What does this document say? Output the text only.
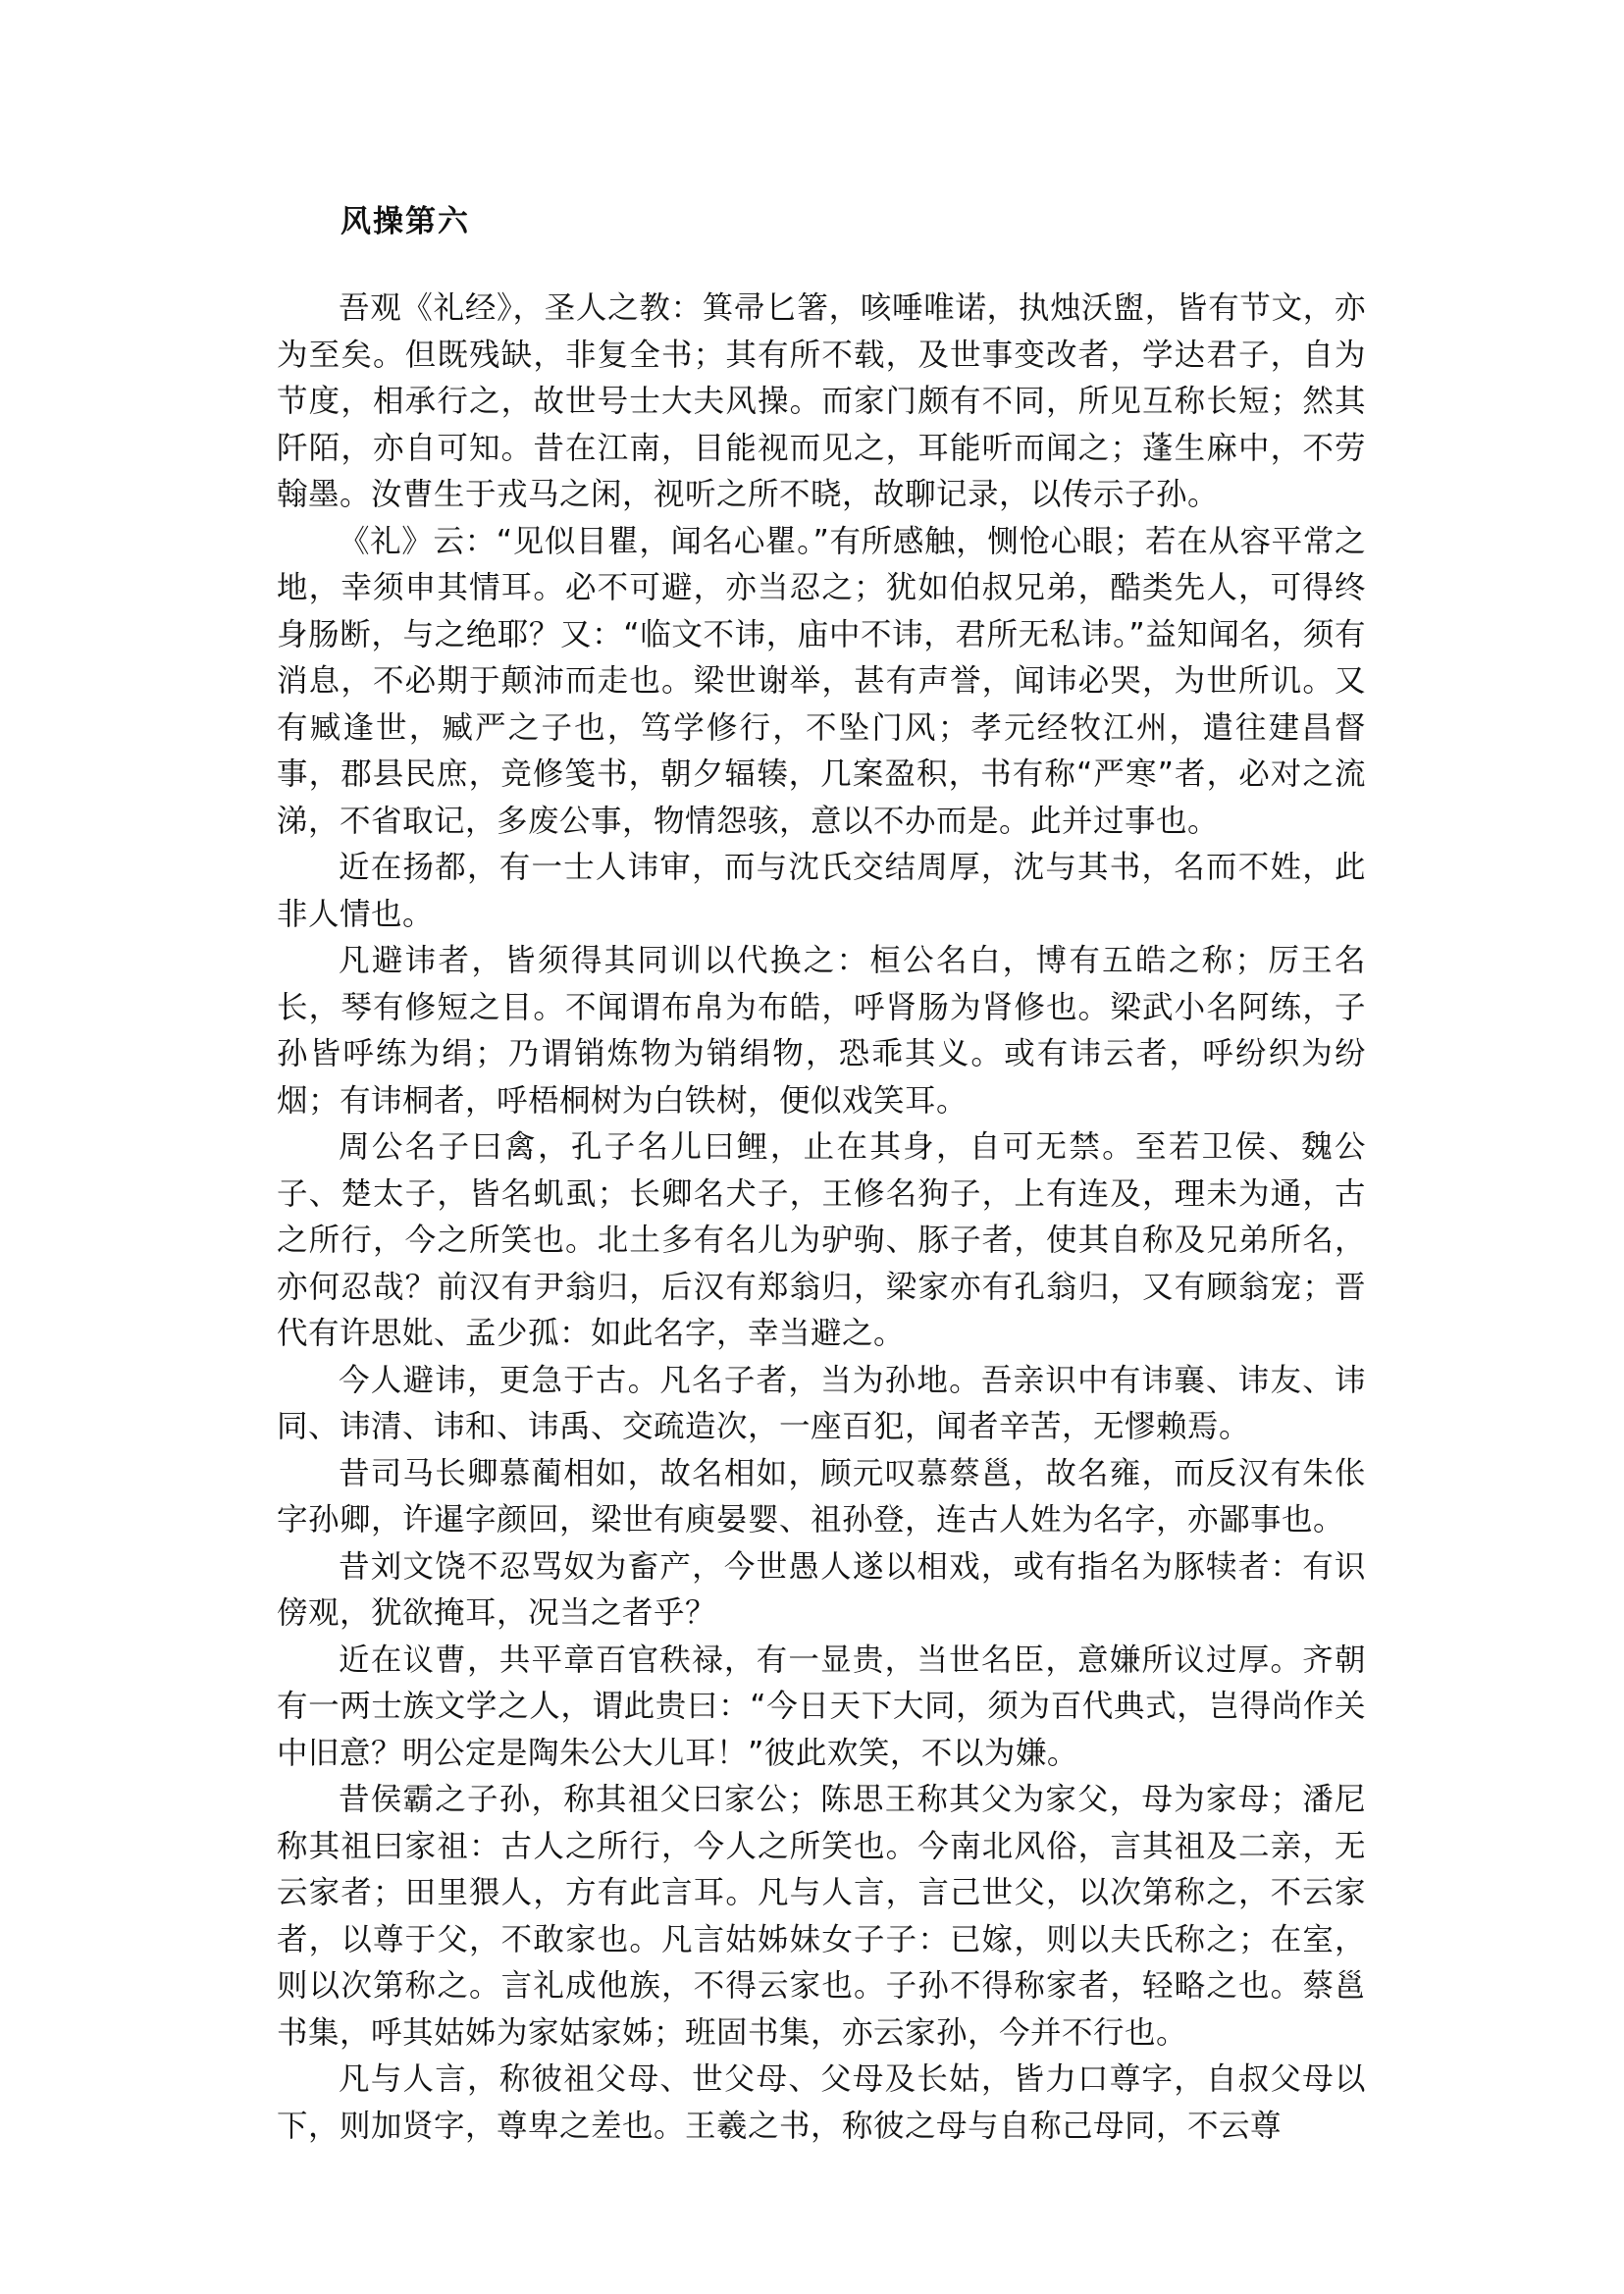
风操第六

吾观《礼经》，圣人之教：箕帚匕箸，咳唾唯诺，执烛沃盥，皆有节文，亦为至矣。但既残缺，非复全书；其有所不载，及世事变改者，学达君子，自为节度，相承行之，故世号士大夫风操。而家门颇有不同，所见互称长短；然其阡陌，亦自可知。昔在江南，目能视而见之，耳能听而闻之；蓬生麻中，不劳翰墨。汝曹生于戎马之闲，视听之所不晓，故聊记录，以传示子孙。

《礼》云：“见似目瞿，闻名心瞿。”有所感触，恻怆心眼；若在从容平常之地，幸须申其情耳。必不可避，亦当忍之；犹如伯叔兄弟，酷类先人，可得终身肠断，与之绝耶？又：“临文不讳，庙中不讳，君所无私讳。”益知闻名，须有消息，不必期于颠沛而走也。梁世谢举，甚有声誉，闻讳必哭，为世所讥。又有臧逢世，臧严之子也，笃学修行，不坠门风；孝元经牧江州，遣往建昌督事，郡县民庶，竞修笺书，朝夕辐辏，几案盈积，书有称“严寒”者，必对之流涕，不省取记，多废公事，物情怨骇，意以不办而是。此并过事也。

近在扬都，有一士人讳审，而与沈氏交结周厚，沈与其书，名而不姓，此非人情也。

凡避讳者，皆须得其同训以代换之：桓公名白，博有五皓之称；厉王名长，琴有修短之目。不闻谓布帛为布皓，呼肾肠为肾修也。梁武小名阿练，子孙皆呼练为绢；乃谓销炼物为销绢物，恐乖其义。或有讳云者，呼纷织为纷烟；有讳桐者，呼梧桐树为白铁树，便似戏笑耳。

周公名子曰禽，孔子名儿曰鲤，止在其身，自可无禁。至若卫侯、魏公子、楚太子，皆名虮虱；长卿名犬子，王修名狗子，上有连及，理未为通，古之所行，今之所笑也。北土多有名儿为驴驹、豚子者，使其自称及兄弟所名，亦何忍哉？前汉有尹翁归，后汉有郑翁归，梁家亦有孔翁归，又有顾翁宠；晋代有许思妣、孟少孤：如此名字，幸当避之。

今人避讳，更急于古。凡名子者，当为孙地。吾亲识中有讳襄、讳友、讳同、讳清、讳和、讳禹、交疏造次，一座百犯，闻者辛苦，无憀赖焉。

昔司马长卿慕蔺相如，故名相如，顾元叹慕蔡邕，故名雍，而反汉有朱伥字孙卿，许暹字颜回，梁世有庾晏婴、祖孙登，连古人姓为名字，亦鄙事也。

昔刘文饶不忍骂奴为畜产，今世愚人遂以相戏，或有指名为豚犊者：有识傍观，犹欲掩耳，况当之者乎？

近在议曹，共平章百官秩禄，有一显贵，当世名臣，意嫌所议过厚。齐朝有一两士族文学之人，谓此贵曰：“今日天下大同，须为百代典式，岂得尚作关中旧意？明公定是陶朱公大儿耳！”彼此欢笑，不以为嫌。

昔侯霸之子孙，称其祖父曰家公；陈思王称其父为家父，母为家母；潘尼称其祖曰家祖：古人之所行，今人之所笑也。今南北风俗，言其祖及二亲，无云家者；田里猥人，方有此言耳。凡与人言，言己世父，以次第称之，不云家者，以尊于父，不敢家也。凡言姑姊妹女子子：已嫁，则以夫氏称之；在室，则以次第称之。言礼成他族，不得云家也。子孙不得称家者，轻略之也。蔡邕书集，呼其姑姊为家姑家姊；班固书集，亦云家孙，今并不行也。

凡与人言，称彼祖父母、世父母、父母及长姑，皆力口尊字，自叔父母以下，则加贤字，尊卑之差也。王羲之书，称彼之母与自称己母同，不云尊
